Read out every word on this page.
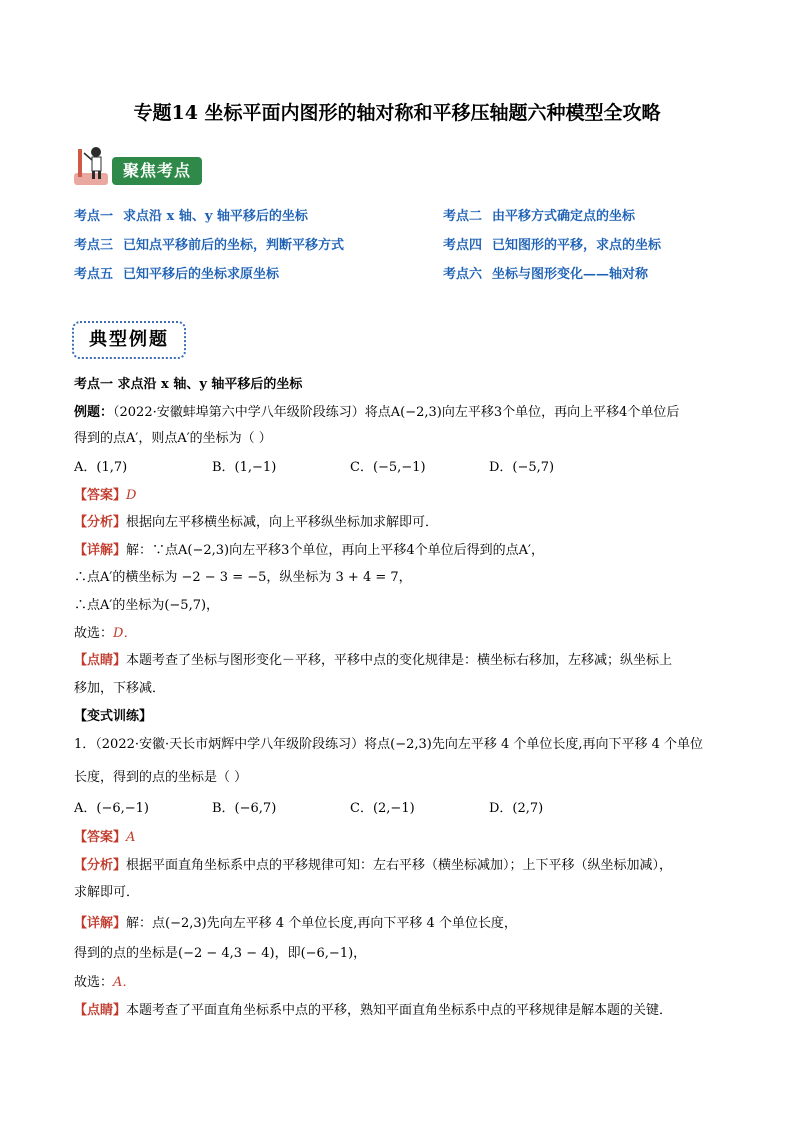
专题14 坐标平面内图形的轴对称和平移压轴题六种模型全攻略
聚焦考点
考点一 求点沿 x 轴、y 轴平移后的坐标	考点二 由平移方式确定点的坐标
考点三 已知点平移前后的坐标，判断平移方式	考点四 已知图形的平移，求点的坐标
考点五 已知平移后的坐标求原坐标	考点六 坐标与图形变化——轴对称
典型例题
考点一 求点沿 x 轴、y 轴平移后的坐标
例题：（2022·安徽蚌埠第六中学八年级阶段练习）将点A(−2,3)向左平移3个单位，再向上平移4个单位后
得到的点A′，则点A′的坐标为（ ）
A．(1,7)	B．(1,−1)	C．(−5,−1)	D．(−5,7)
【答案】D
【分析】根据向左平移横坐标减，向上平移纵坐标加求解即可．
【详解】解：∵点A(−2,3)向左平移3个单位，再向上平移4个单位后得到的点A′，
∴点A′的横坐标为 −2 − 3 = −5，纵坐标为 3 + 4 = 7，
∴点A′的坐标为(−5,7)，
故选：D．
【点睛】本题考查了坐标与图形变化－平移，平移中点的变化规律是：横坐标右移加，左移减；纵坐标上
移加，下移减．
【变式训练】
1．（2022·安徽·天长市炳辉中学八年级阶段练习）将点(−2,3)先向左平移 4 个单位长度,再向下平移 4 个单位
长度，得到的点的坐标是（ ）
A．(−6,−1)	B．(−6,7)	C．(2,−1)	D．(2,7)
【答案】A
【分析】根据平面直角坐标系中点的平移规律可知：左右平移（横坐标减加）；上下平移（纵坐标加减），
求解即可．
【详解】解：点(−2,3)先向左平移 4 个单位长度,再向下平移 4 个单位长度，
得到的点的坐标是(−2 − 4,3 − 4)，即(−6,−1)，
故选：A．
【点睛】本题考查了平面直角坐标系中点的平移，熟知平面直角坐标系中点的平移规律是解本题的关键．
